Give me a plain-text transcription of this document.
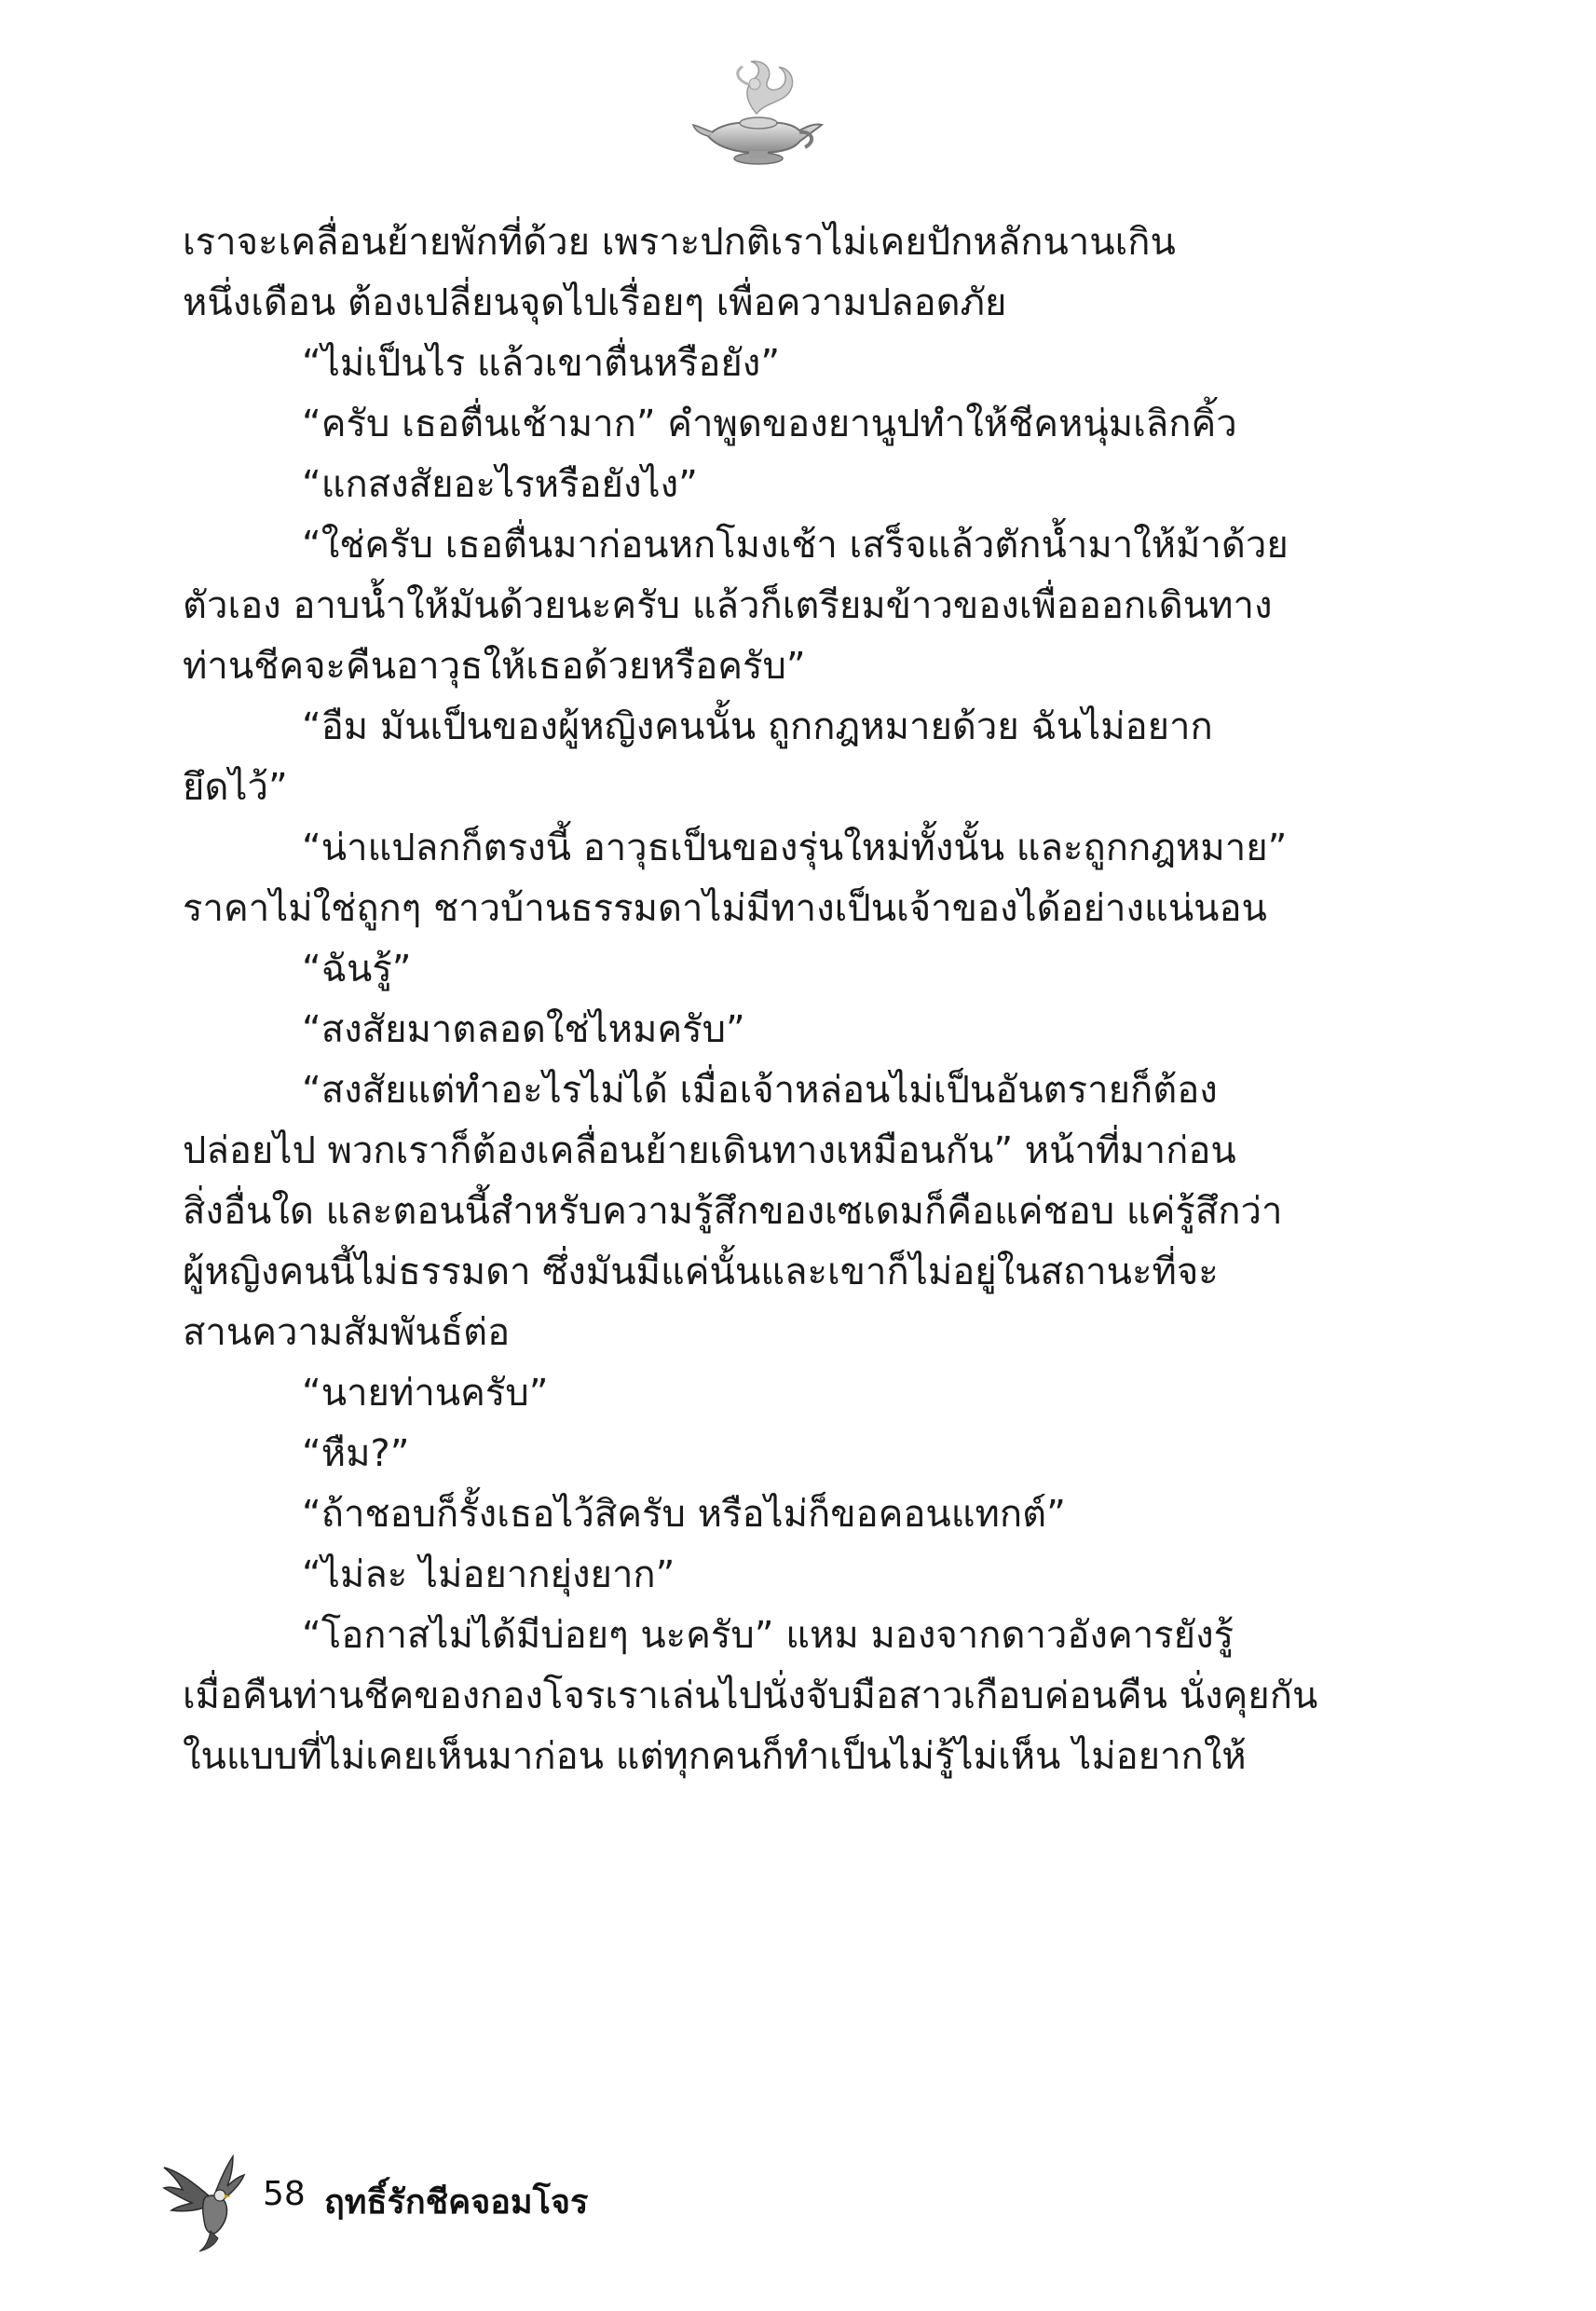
เราจะเคลื่อนย้ายพักที่ด้วย เพราะปกติเราไม่เคยปักหลักนานเกิน

หนึ่งเดือน ต้องเปลี่ยนจุดไปเรื่อยๆ เพื่อความปลอดภัย

“ไม่เป็นไร แล้วเขาตื่นหรือยัง”

“ครับ เธอตื่นเช้ามาก” คำพูดของยานูปทำให้ชีคหนุ่มเลิกคิ้ว

“แกสงสัยอะไรหรือยังไง”

“ใช่ครับ เธอตื่นมาก่อนหกโมงเช้า เสร็จแล้วตักน้ำมาให้ม้าด้วย

ตัวเอง อาบน้ำให้มันด้วยนะครับ แล้วก็เตรียมข้าวของเพื่อออกเดินทาง

ท่านชีคจะคืนอาวุธให้เธอด้วยหรือครับ”

“อืม มันเป็นของผู้หญิงคนนั้น ถูกกฎหมายด้วย ฉันไม่อยาก

ยึดไว้”

“น่าแปลกก็ตรงนี้ อาวุธเป็นของรุ่นใหม่ทั้งนั้น และถูกกฎหมาย”

ราคาไม่ใช่ถูกๆ ชาวบ้านธรรมดาไม่มีทางเป็นเจ้าของได้อย่างแน่นอน

“ฉันรู้”

“สงสัยมาตลอดใช่ไหมครับ”

“สงสัยแต่ทำอะไรไม่ได้ เมื่อเจ้าหล่อนไม่เป็นอันตรายก็ต้อง

ปล่อยไป พวกเราก็ต้องเคลื่อนย้ายเดินทางเหมือนกัน” หน้าที่มาก่อน

สิ่งอื่นใด และตอนนี้สำหรับความรู้สึกของเซเดมก็คือแค่ชอบ แค่รู้สึกว่า

ผู้หญิงคนนี้ไม่ธรรมดา ซึ่งมันมีแค่นั้นและเขาก็ไม่อยู่ในสถานะที่จะ

สานความสัมพันธ์ต่อ

“นายท่านครับ”

“หืม?”

“ถ้าชอบก็รั้งเธอไว้สิครับ หรือไม่ก็ขอคอนแทกต์”

“ไม่ละ ไม่อยากยุ่งยาก”

“โอกาสไม่ได้มีบ่อยๆ นะครับ” แหม มองจากดาวอังคารยังรู้

เมื่อคืนท่านชีคของกองโจรเราเล่นไปนั่งจับมือสาวเกือบค่อนคืน นั่งคุยกัน

ในแบบที่ไม่เคยเห็นมาก่อน แต่ทุกคนก็ทำเป็นไม่รู้ไม่เห็น ไม่อยากให้

58 ฤทธิ์รักชีคจอมโจร
